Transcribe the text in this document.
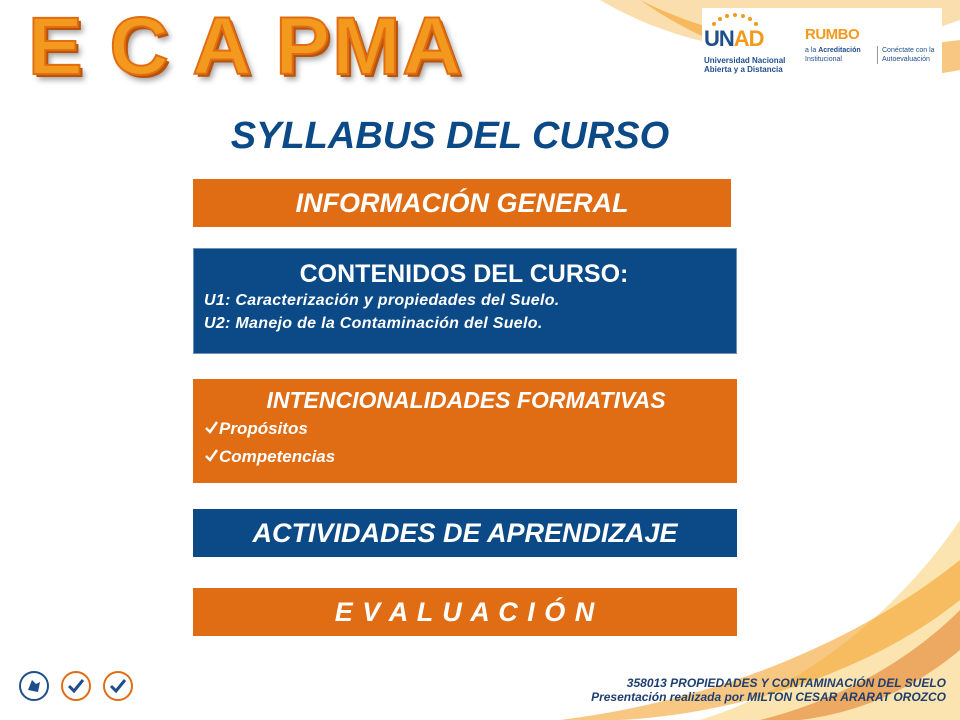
E C A PMA	UNAD
Universidad Nacional
Abierta y a Distancia
RUMBO
a la Acreditación
Institucional
Conéctate con la
Autoevaluación
SYLLABUS DEL CURSO
INFORMACIÓN GENERAL
CONTENIDOS DEL CURSO:
U1: Caracterización y propiedades del Suelo.
U2: Manejo de la Contaminación del Suelo.
INTENCIONALIDADES FORMATIVAS
Propósitos
Competencias
ACTIVIDADES DE APRENDIZAJE
E V A L U A C I Ó N
358013 PROPIEDADES Y CONTAMINACIÓN DEL SUELO
Presentación realizada por MILTON CESAR ARARAT OROZCO
